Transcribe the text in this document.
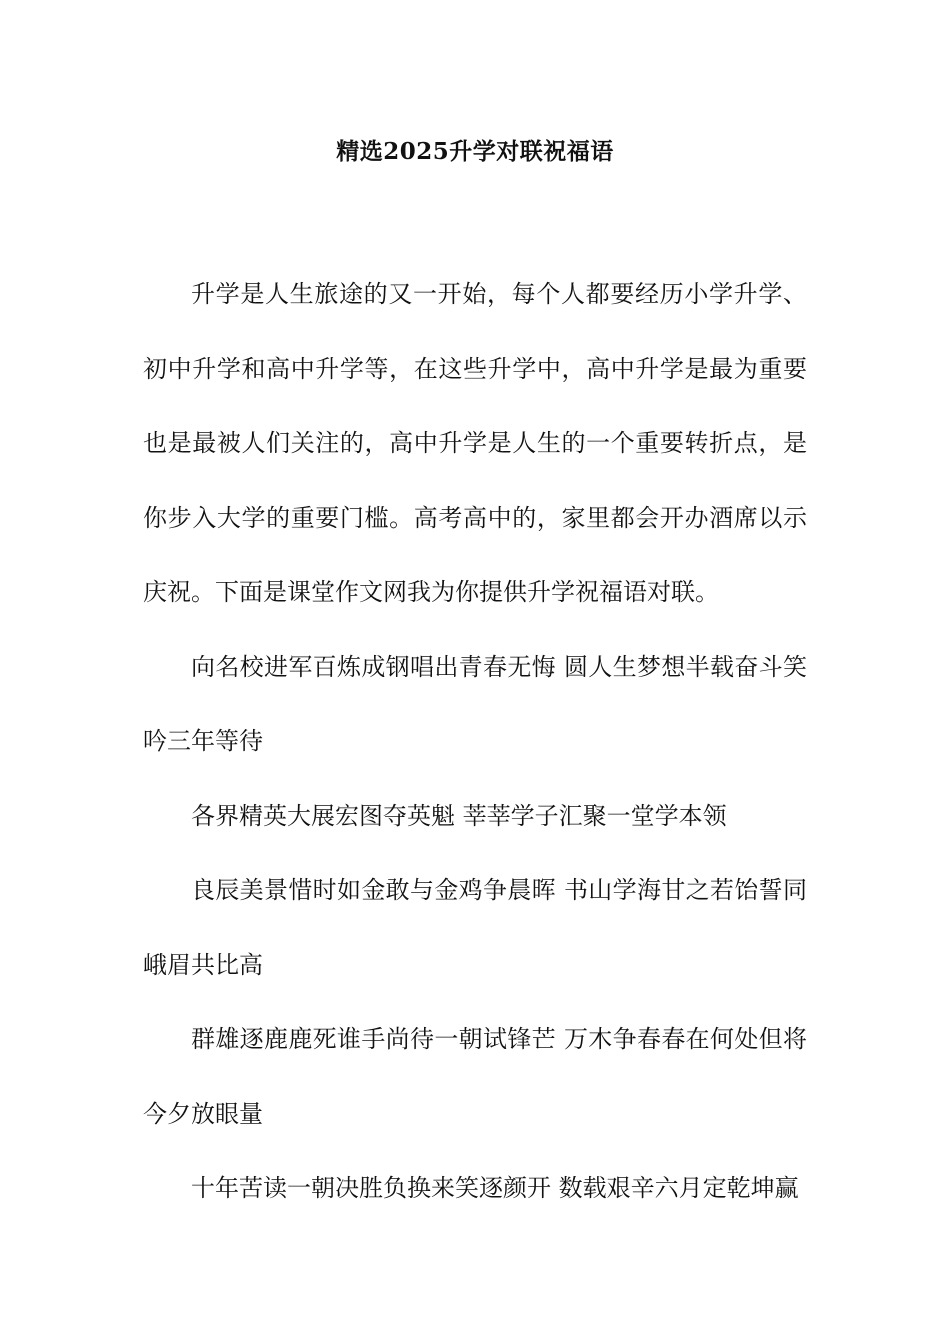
精选2025升学对联祝福语

升学是人生旅途的又一开始，每个人都要经历小学升学、初中升学和高中升学等，在这些升学中，高中升学是最为重要也是最被人们关注的，高中升学是人生的一个重要转折点，是你步入大学的重要门槛。高考高中的，家里都会开办酒席以示庆祝。下面是课堂作文网我为你提供升学祝福语对联。

向名校进军百炼成钢唱出青春无悔 圆人生梦想半载奋斗笑吟三年等待

各界精英大展宏图夺英魁 莘莘学子汇聚一堂学本领

良辰美景惜时如金敢与金鸡争晨晖 书山学海甘之若饴誓同峨眉共比高

群雄逐鹿鹿死谁手尚待一朝试锋芒 万木争春春在何处但将今夕放眼量

十年苦读一朝决胜负换来笑逐颜开 数载艰辛六月定乾坤赢
